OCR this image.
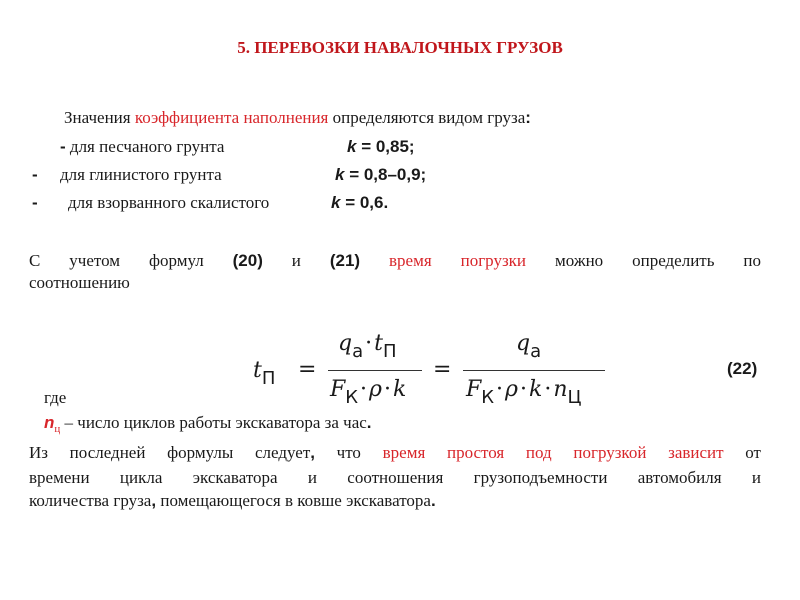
5. ПЕРЕВОЗКИ НАВАЛОЧНЫХ ГРУЗОВ
Значения коэффициента наполнения определяются видом груза:
- для песчаного грунта	k = 0,85;
- для глинистого грунта	k = 0,8–0,9;
- для взорванного скалистого	k = 0,6.
С учетом формул (20) и (21) время погрузки можно определить по
соотношению
$t_П$ =
$q_а\cdot t_П$
$F_К\cdot\rho\cdot k$
=
$q_а$
$F_К\cdot\rho\cdot k\cdot n_Ц$
(22)
где
$n_ц$ – число циклов работы экскаватора за час.
Из последней формулы следует, что время простоя под погрузкой зависит от
времени цикла экскаватора и соотношения грузоподъемности автомобиля и
количества груза, помещающегося в ковше экскаватора.
